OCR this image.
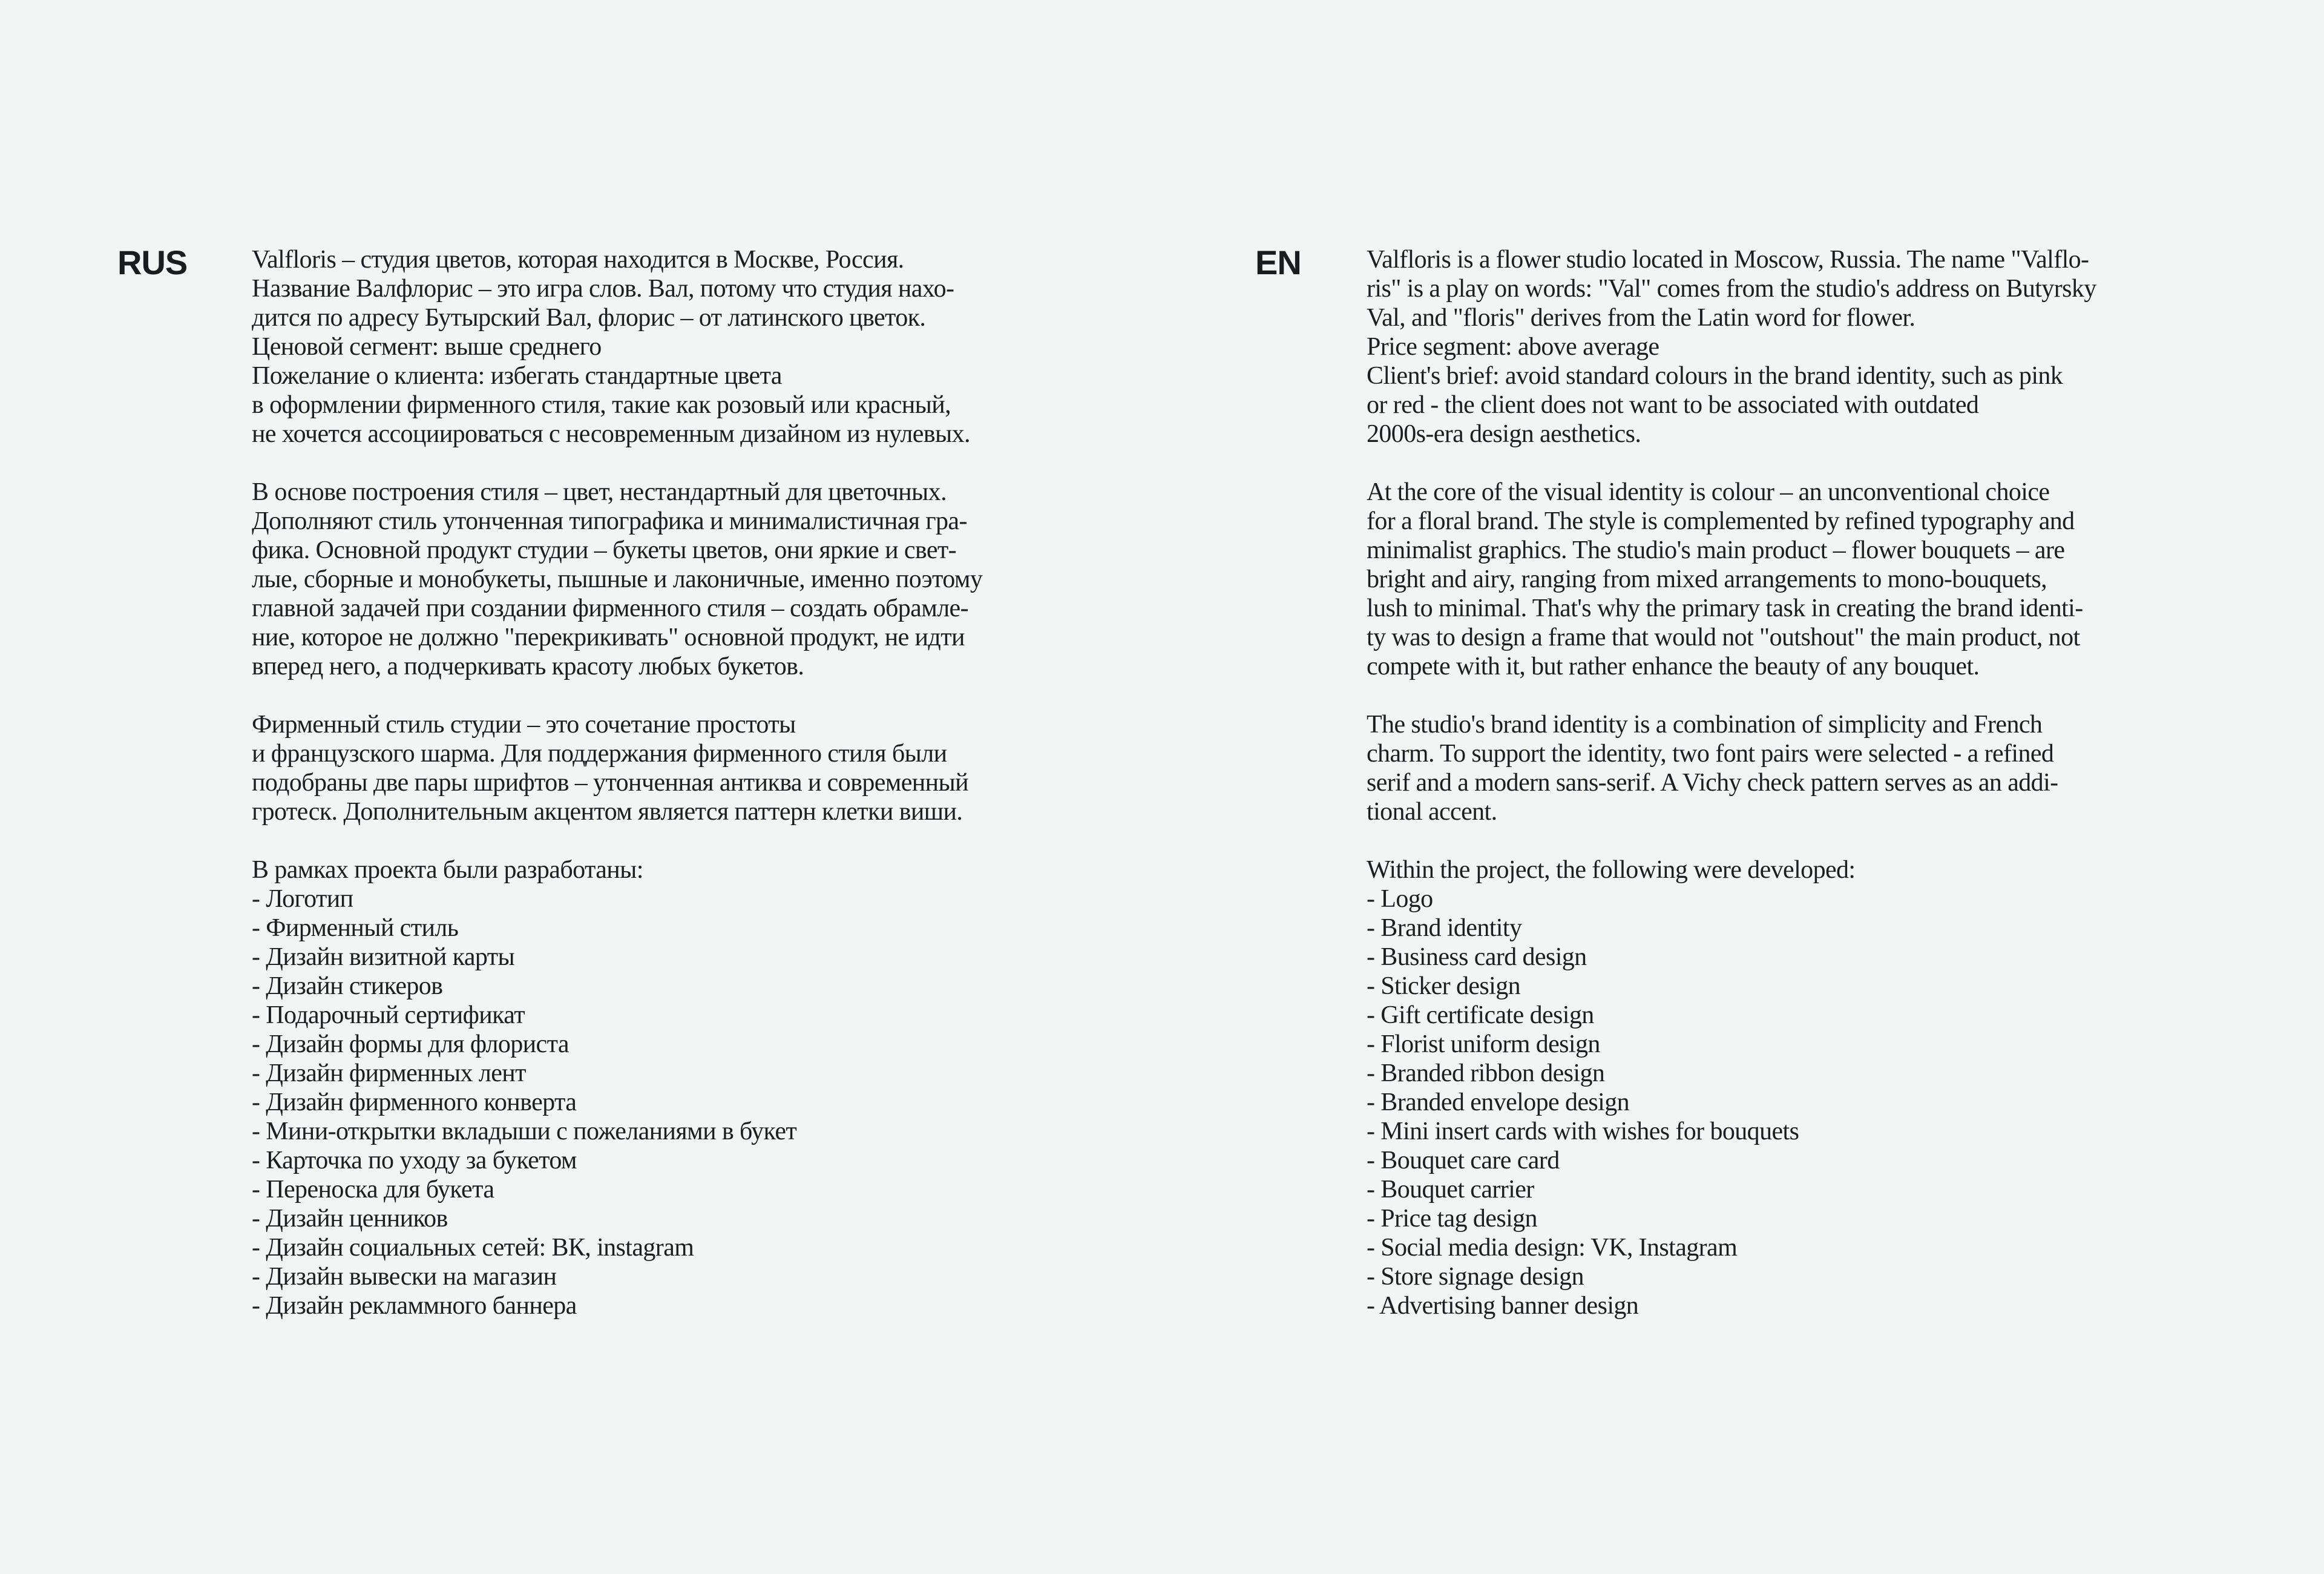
RUS	Valfloris – студия цветов, которая находится в Москве, Россия.
Название Валфлорис – это игра слов. Вал, потому что студия нахо-
дится по адресу Бутырский Вал, флорис – от латинского цветок.
Ценовой сегмент: выше среднего
Пожелание о клиента: избегать стандартные цвета
в оформлении фирменного стиля, такие как розовый или красный,
не хочется ассоциироваться с несовременным дизайном из нулевых.

В основе построения стиля – цвет, нестандартный для цветочных.
Дополняют стиль утонченная типографика и минималистичная гра-
фика. Основной продукт студии – букеты цветов, они яркие и свет-
лые, сборные и монобукеты, пышные и лаконичные, именно поэтому
главной задачей при создании фирменного стиля – создать обрамле-
ние, которое не должно "перекрикивать" основной продукт, не идти
вперед него, а подчеркивать красоту любых букетов.

Фирменный стиль студии – это сочетание простоты
и французского шарма. Для поддержания фирменного стиля были
подобраны две пары шрифтов – утонченная антиква и современный
гротеск. Дополнительным акцентом является паттерн клетки виши.

В рамках проекта были разработаны:
- Логотип
- Фирменный стиль
- Дизайн визитной карты
- Дизайн стикеров
- Подарочный сертификат
- Дизайн формы для флориста
- Дизайн фирменных лент
- Дизайн фирменного конверта
- Мини-открытки вкладыши с пожеланиями в букет
- Карточка по уходу за букетом
- Переноска для букета
- Дизайн ценников
- Дизайн социальных сетей: ВК, instagram
- Дизайн вывески на магазин
- Дизайн рекламмного баннера
EN	Valfloris is a flower studio located in Moscow, Russia. The name "Valflo-
ris" is a play on words: "Val" comes from the studio's address on Butyrsky
Val, and "floris" derives from the Latin word for flower.
Price segment: above average
Client's brief: avoid standard colours in the brand identity, such as pink
or red - the client does not want to be associated with outdated
2000s-era design aesthetics.

At the core of the visual identity is colour – an unconventional choice
for a floral brand. The style is complemented by refined typography and
minimalist graphics. The studio's main product – flower bouquets – are
bright and airy, ranging from mixed arrangements to mono-bouquets,
lush to minimal. That's why the primary task in creating the brand identi-
ty was to design a frame that would not "outshout" the main product, not
compete with it, but rather enhance the beauty of any bouquet.

The studio's brand identity is a combination of simplicity and French
charm. To support the identity, two font pairs were selected - a refined
serif and a modern sans-serif. A Vichy check pattern serves as an addi-
tional accent.

Within the project, the following were developed:
- Logo
- Brand identity
- Business card design
- Sticker design
- Gift certificate design
- Florist uniform design
- Branded ribbon design
- Branded envelope design
- Mini insert cards with wishes for bouquets
- Bouquet care card
- Bouquet carrier
- Price tag design
- Social media design: VK, Instagram
- Store signage design
- Advertising banner design
